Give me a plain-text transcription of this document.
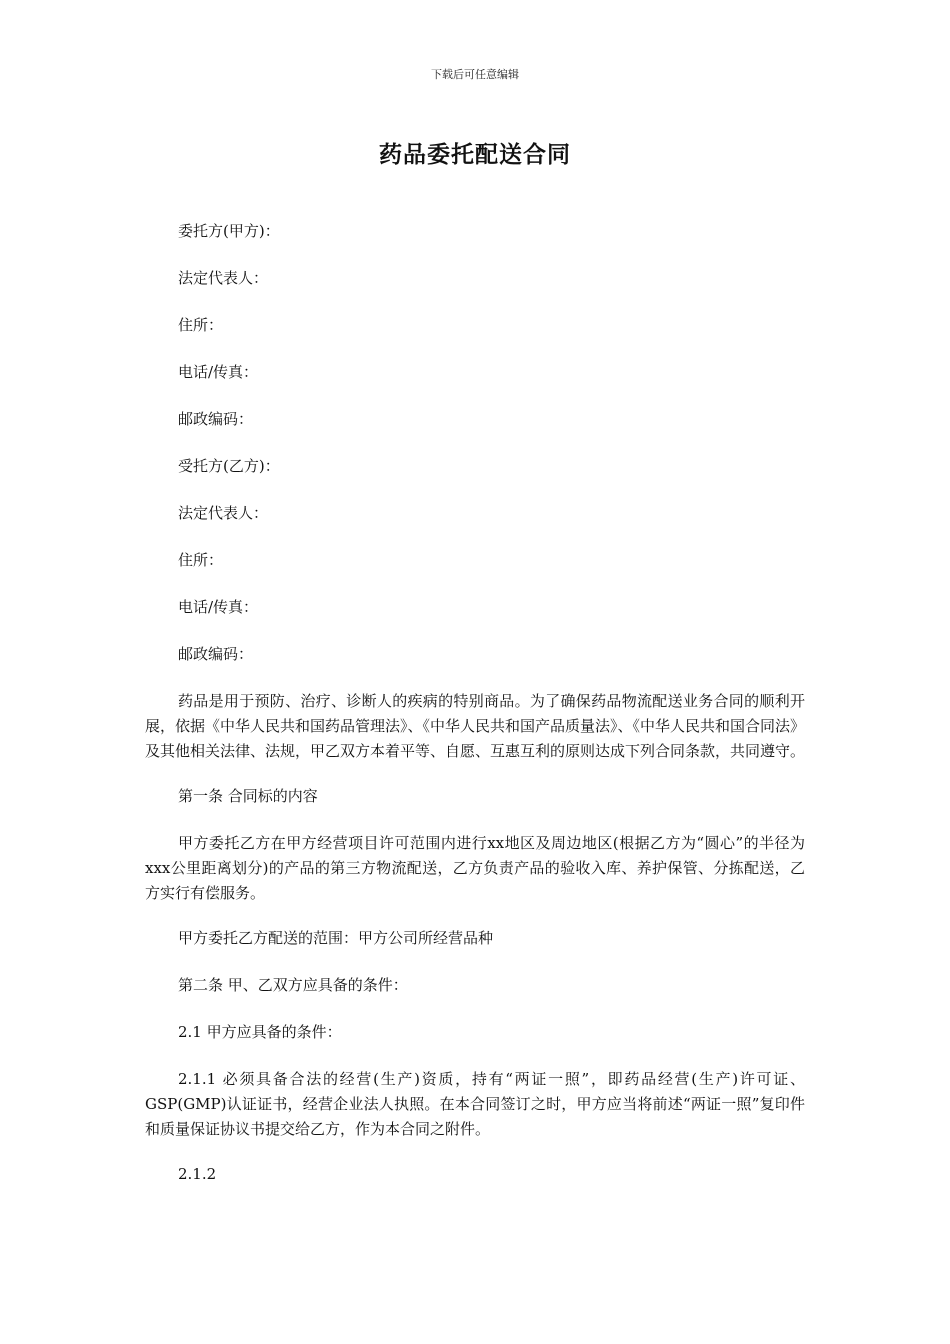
下载后可任意编辑
药品委托配送合同

委托方(甲方)：

法定代表人：

住所：

电话/传真：

邮政编码：

受托方(乙方)：

法定代表人：

住所：

电话/传真：

邮政编码：

药品是用于预防、治疗、诊断人的疾病的特别商品。为了确保药品物流配送业务合同的顺利开展，依据《中华人民共和国药品管理法》、《中华人民共和国产品质量法》、《中华人民共和国合同法》及其他相关法律、法规，甲乙双方本着平等、自愿、互惠互利的原则达成下列合同条款，共同遵守。

第一条 合同标的内容

甲方委托乙方在甲方经营项目许可范围内进行xx地区及周边地区(根据乙方为“圆心”的半径为xxx公里距离划分)的产品的第三方物流配送，乙方负责产品的验收入库、养护保管、分拣配送，乙方实行有偿服务。

甲方委托乙方配送的范围：甲方公司所经营品种

第二条 甲、乙双方应具备的条件：

2.1 甲方应具备的条件：

2.1.1 必须具备合法的经营(生产)资质，持有“两证一照”，即药品经营(生产)许可证、GSP(GMP)认证证书，经营企业法人执照。在本合同签订之时，甲方应当将前述“两证一照”复印件和质量保证协议书提交给乙方，作为本合同之附件。

2.1.2
